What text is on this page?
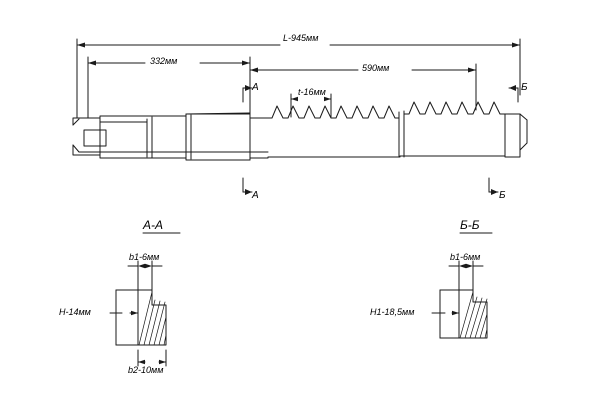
L-945мм
332мм
590мм
t-16мм
А
А
Б
Б
А-А
b1-6мм
H-14мм
b2-10мм
Б-Б
b1-6мм
H1-18,5мм
